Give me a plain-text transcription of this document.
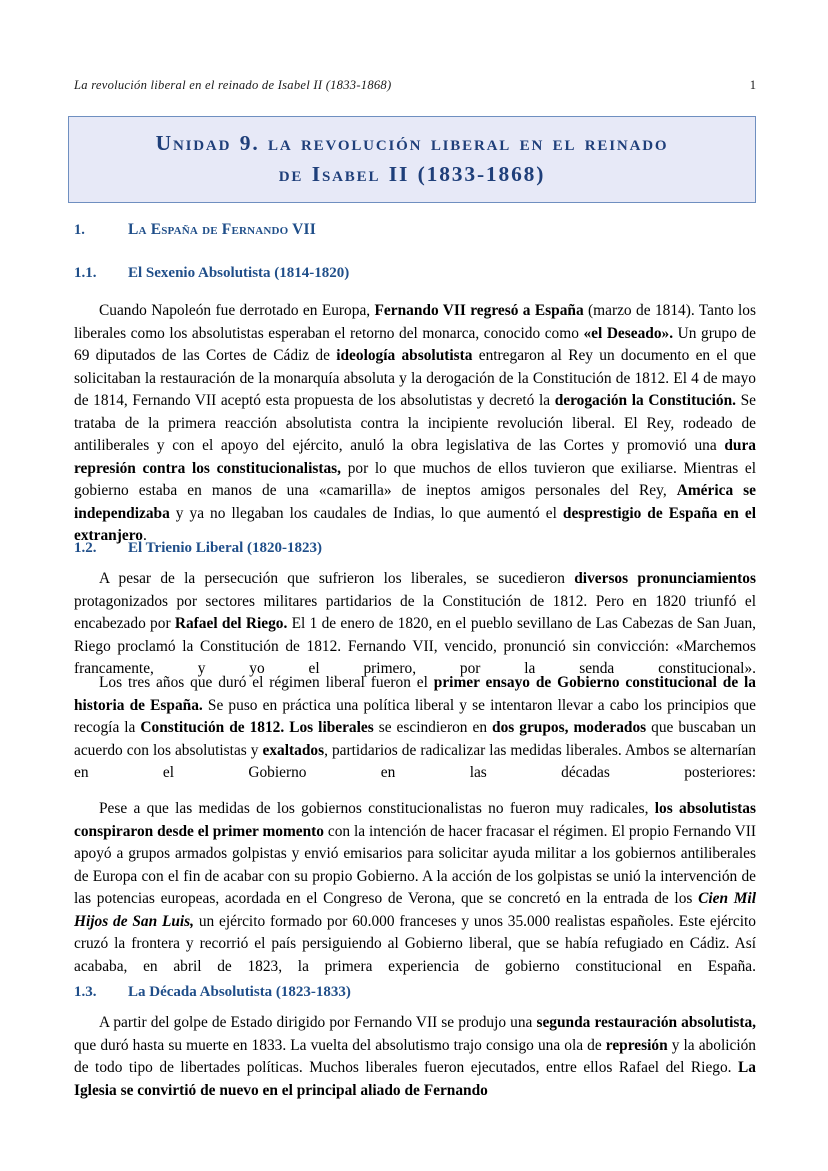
La revolución liberal en el reinado de Isabel II (1833-1868)	1
Unidad 9. la revolución liberal en el reinado
de Isabel II (1833-1868)
1.	La España de Fernando VII
1.1.	El Sexenio Absolutista (1814-1820)
Cuando Napoleón fue derrotado en Europa, Fernando VII regresó a España (marzo de 1814). Tanto los liberales como los absolutistas esperaban el retorno del monarca, conocido como «el Deseado». Un grupo de 69 diputados de las Cortes de Cádiz de ideología absolutista entregaron al Rey un documento en el que solicitaban la restauración de la monarquía absoluta y la derogación de la Constitución de 1812. El 4 de mayo de 1814, Fernando VII aceptó esta propuesta de los absolutistas y decretó la derogación la Constitución. Se trataba de la primera reacción absolutista contra la incipiente revolución liberal. El Rey, rodeado de antiliberales y con el apoyo del ejército, anuló la obra legislativa de las Cortes y promovió una dura represión contra los constitucionalistas, por lo que muchos de ellos tuvieron que exiliarse. Mientras el gobierno estaba en manos de una «camarilla» de ineptos amigos personales del Rey, América se independizaba y ya no llegaban los caudales de Indias, lo que aumentó el desprestigio de España en el extranjero.
1.2.	El Trienio Liberal (1820-1823)
A pesar de la persecución que sufrieron los liberales, se sucedieron diversos pronunciamientos protagonizados por sectores militares partidarios de la Constitución de 1812. Pero en 1820 triunfó el encabezado por Rafael del Riego. El 1 de enero de 1820, en el pueblo sevillano de Las Cabezas de San Juan, Riego proclamó la Constitución de 1812. Fernando VII, vencido, pronunció sin convicción: «Marchemos francamente, y yo el primero, por la senda constitucional».
Los tres años que duró el régimen liberal fueron el primer ensayo de Gobierno constitucional de la historia de España. Se puso en práctica una política liberal y se intentaron llevar a cabo los principios que recogía la Constitución de 1812. Los liberales se escindieron en dos grupos, moderados que buscaban un acuerdo con los absolutistas y exaltados, partidarios de radicalizar las medidas liberales. Ambos se alternarían en el Gobierno en las décadas posteriores:
Pese a que las medidas de los gobiernos constitucionalistas no fueron muy radicales, los absolutistas conspiraron desde el primer momento con la intención de hacer fracasar el régimen. El propio Fernando VII apoyó a grupos armados golpistas y envió emisarios para solicitar ayuda militar a los gobiernos antiliberales de Europa con el fin de acabar con su propio Gobierno. A la acción de los golpistas se unió la intervención de las potencias europeas, acordada en el Congreso de Verona, que se concretó en la entrada de los Cien Mil Hijos de San Luis, un ejército formado por 60.000 franceses y unos 35.000 realistas españoles. Este ejército cruzó la frontera y recorrió el país persiguiendo al Gobierno liberal, que se había refugiado en Cádiz. Así acababa, en abril de 1823, la primera experiencia de gobierno constitucional en España.
1.3.	La Década Absolutista (1823-1833)
A partir del golpe de Estado dirigido por Fernando VII se produjo una segunda restauración absolutista, que duró hasta su muerte en 1833. La vuelta del absolutismo trajo consigo una ola de represión y la abolición de todo tipo de libertades políticas. Muchos liberales fueron ejecutados, entre ellos Rafael del Riego. La Iglesia se convirtió de nuevo en el principal aliado de Fernando
